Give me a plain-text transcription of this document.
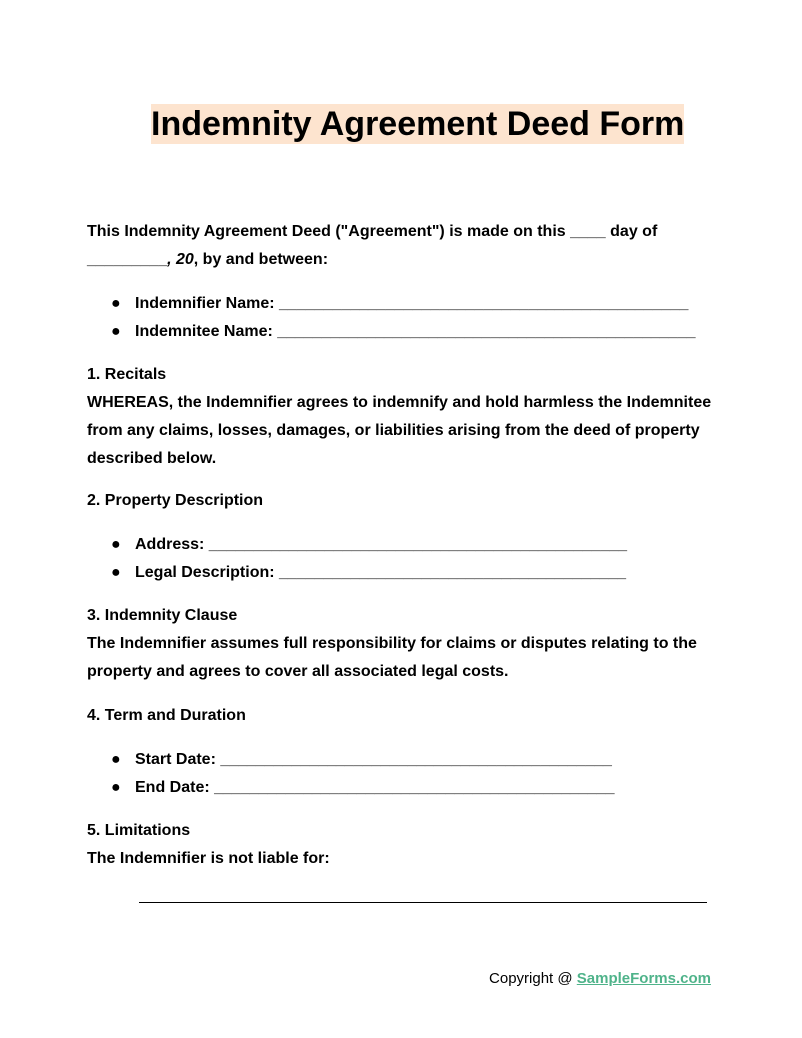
Indemnity Agreement Deed Form

This Indemnity Agreement Deed ("Agreement") is made on this ____ day of
_________, 20, by and between:

● Indemnifier Name: ______________________________________________
● Indemnitee Name: _______________________________________________

1. Recitals

WHEREAS, the Indemnifier agrees to indemnify and hold harmless the Indemnitee from any claims, losses, damages, or liabilities arising from the deed of property described below.

2. Property Description

● Address: _______________________________________________
● Legal Description: _______________________________________

3. Indemnity Clause

The Indemnifier assumes full responsibility for claims or disputes relating to the property and agrees to cover all associated legal costs.

4. Term and Duration

● Start Date: ____________________________________________
● End Date: _____________________________________________

5. Limitations

The Indemnifier is not liable for:

Copyright @ SampleForms.com
